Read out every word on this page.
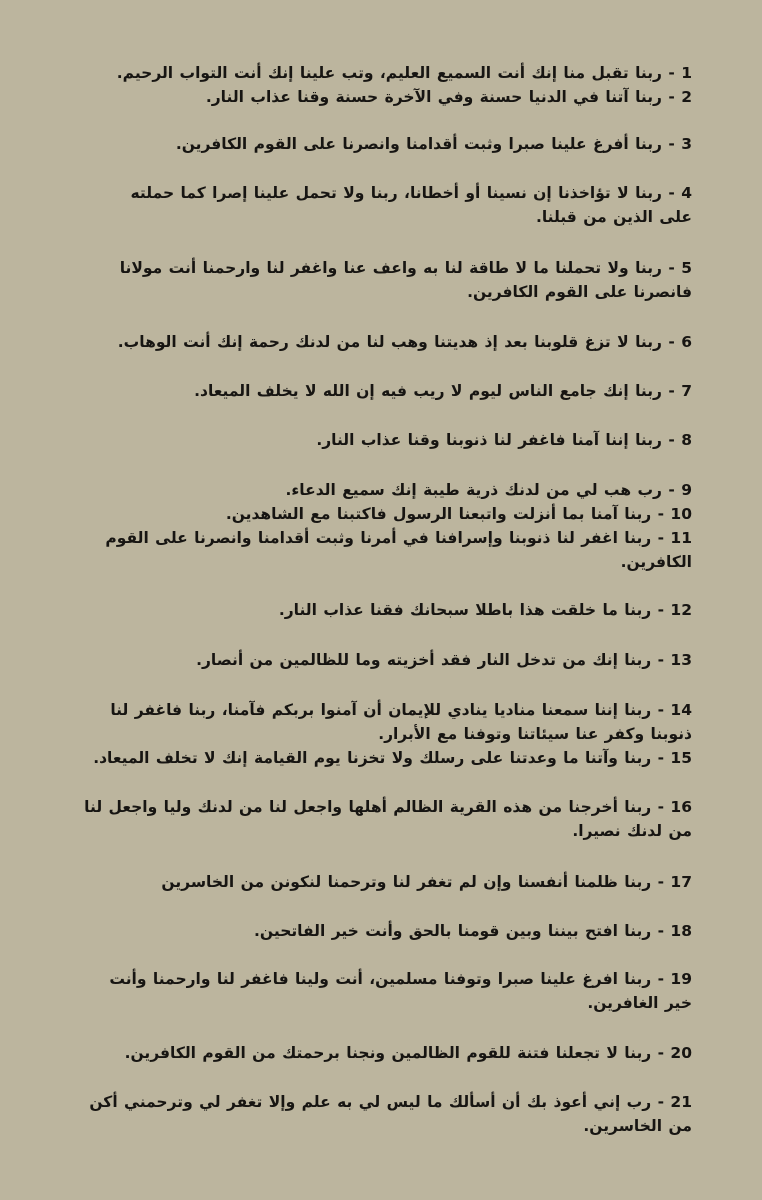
1 - ربنا تقبل منا إنك أنت السميع العليم، وتب علينا إنك أنت التواب الرحيم.
2 - ربنا آتنا في الدنيا حسنة وفي الآخرة حسنة وقنا عذاب النار.
3 - ربنا أفرغ علينا صبرا وثبت أقدامنا وانصرنا على القوم الكافرين.
4 - ربنا لا تؤاخذنا إن نسينا أو أخطانا، ربنا ولا تحمل علينا إصرا كما حملته
على الذين من قبلنا.
5 - ربنا ولا تحملنا ما لا طاقة لنا به واعف عنا واغفر لنا وارحمنا أنت مولانا
فانصرنا على القوم الكافرين.
6 - ربنا لا تزغ قلوبنا بعد إذ هديتنا وهب لنا من لدنك رحمة إنك أنت الوهاب.
7 - ربنا إنك جامع الناس ليوم لا ريب فيه إن الله لا يخلف الميعاد.
8 - ربنا إننا آمنا فاغفر لنا ذنوبنا وقنا عذاب النار.
9 - رب هب لي من لدنك ذرية طيبة إنك سميع الدعاء.
10 - ربنا آمنا بما أنزلت واتبعنا الرسول فاكتبنا مع الشاهدين.
11 - ربنا اغفر لنا ذنوبنا وإسرافنا في أمرنا وثبت أقدامنا وانصرنا على القوم
الكافرين.
12 - ربنا ما خلقت هذا باطلا سبحانك فقنا عذاب النار.
13 - ربنا إنك من تدخل النار فقد أخزيته وما للظالمين من أنصار.
14 - ربنا إننا سمعنا مناديا ينادي للإيمان أن آمنوا بربكم فآمنا، ربنا فاغفر لنا
ذنوبنا وكفر عنا سيئاتنا وتوفنا مع الأبرار.
15 - ربنا وآتنا ما وعدتنا على رسلك ولا تخزنا يوم القيامة إنك لا تخلف الميعاد.
16 - ربنا أخرجنا من هذه القرية الظالم أهلها واجعل لنا من لدنك وليا واجعل لنا
من لدنك نصيرا.
17 - ربنا ظلمنا أنفسنا وإن لم تغفر لنا وترحمنا لنكونن من الخاسرين
18 - ربنا افتح بيننا وبين قومنا بالحق وأنت خير الفاتحين.
19 - ربنا افرغ علينا صبرا وتوفنا مسلمين، أنت ولينا فاغفر لنا وارحمنا وأنت
خير الغافرين.
20 - ربنا لا تجعلنا فتنة للقوم الظالمين ونجنا برحمتك من القوم الكافرين.
21 - رب إني أعوذ بك أن أسألك ما ليس لي به علم وإلا تغفر لي وترحمني أكن
من الخاسرين.
